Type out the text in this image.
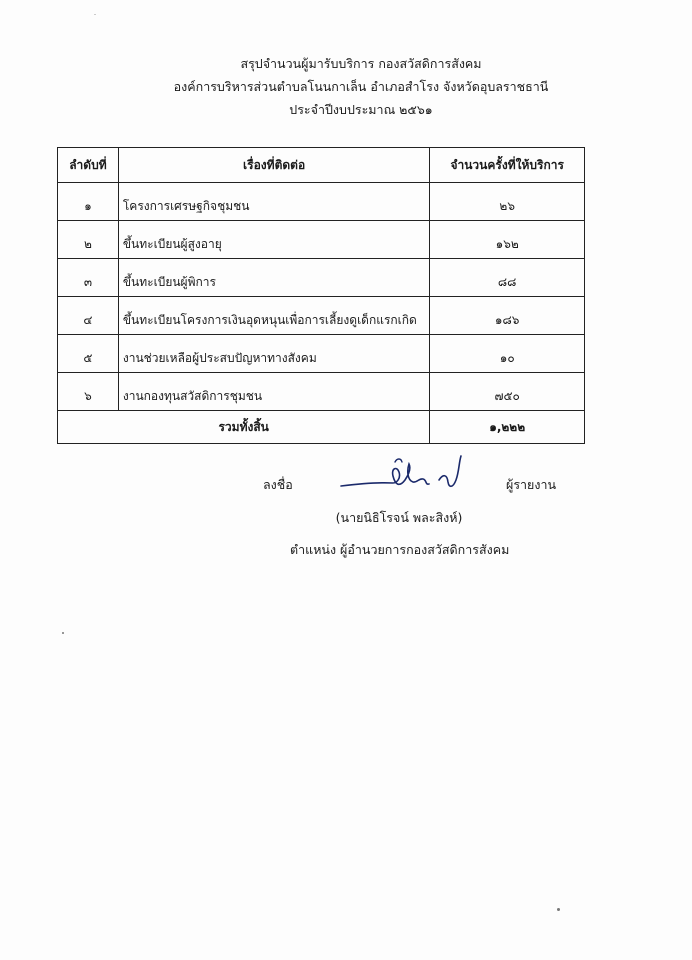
สรุปจำนวนผู้มารับบริการ กองสวัสดิการสังคม
องค์การบริหารส่วนตำบลโนนกาเล็น อำเภอสำโรง จังหวัดอุบลราชธานี
ประจำปีงบประมาณ ๒๕๖๑
ลำดับที่	เรื่องที่ติดต่อ	จำนวนครั้งที่ให้บริการ
๑	โครงการเศรษฐกิจชุมชน	๒๖
๒	ขึ้นทะเบียนผู้สูงอายุ	๑๖๒
๓	ขึ้นทะเบียนผู้พิการ	๘๘
๔	ขึ้นทะเบียนโครงการเงินอุดหนุนเพื่อการเลี้ยงดูเด็กแรกเกิด	๑๘๖
๕	งานช่วยเหลือผู้ประสบปัญหาทางสังคม	๑๐
๖	งานกองทุนสวัสดิการชุมชน	๗๕๐
รวมทั้งสิ้น		๑,๒๒๒
ลงชื่อ	ผู้รายงาน
(นายนิธิโรจน์ พละสิงห์)
ตำแหน่ง ผู้อำนวยการกองสวัสดิการสังคม
